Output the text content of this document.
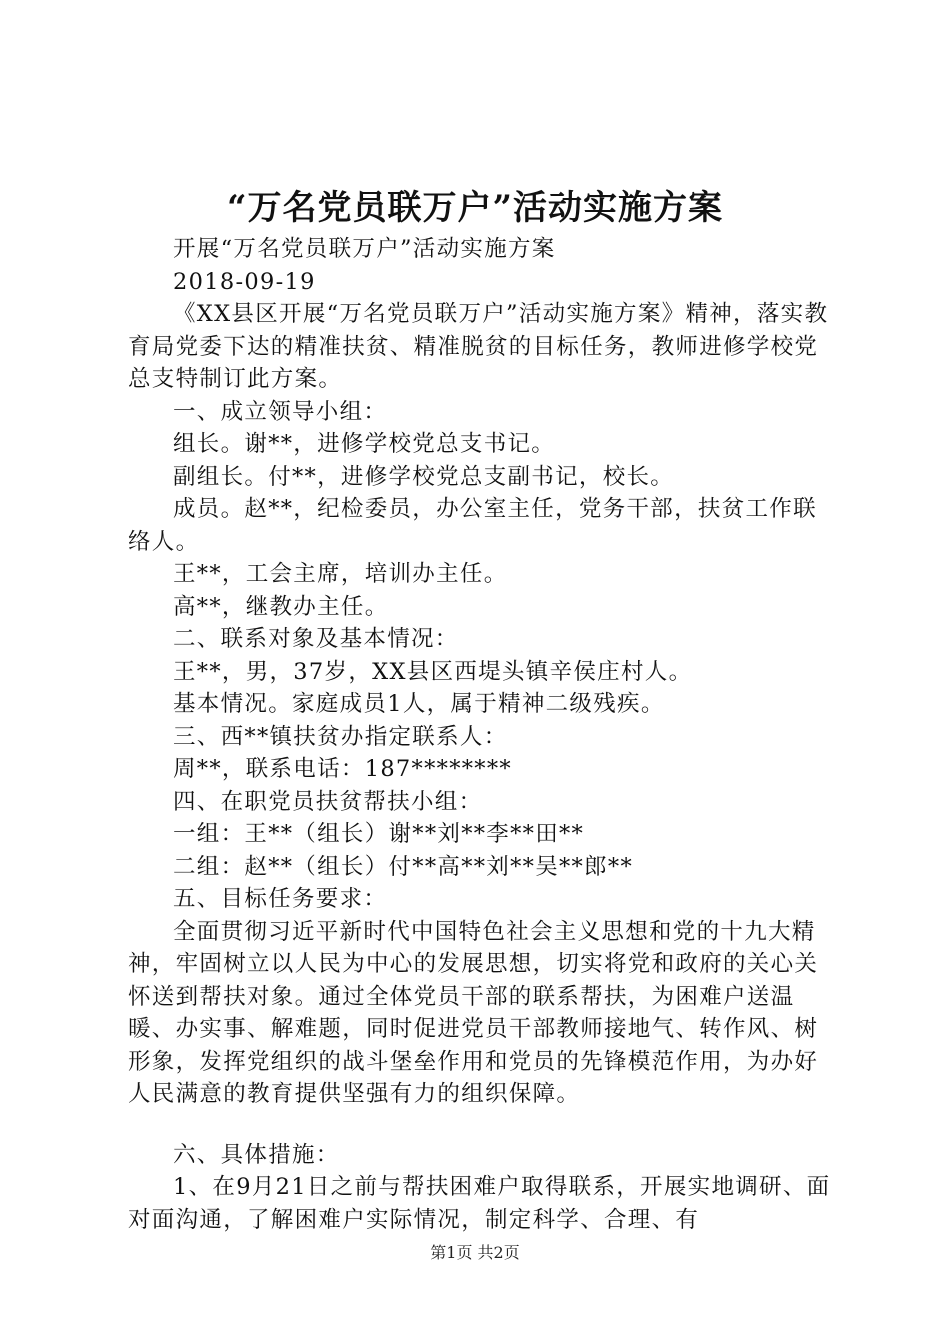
“万名党员联万户”活动实施方案

开展“万名党员联万户”活动实施方案

2018-09-19

《XX县区开展“万名党员联万户”活动实施方案》精神，落实教育局党委下达的精准扶贫、精准脱贫的目标任务，教师进修学校党总支特制订此方案。

一、成立领导小组：

组长。谢**，进修学校党总支书记。

副组长。付**，进修学校党总支副书记，校长。

成员。赵**，纪检委员，办公室主任，党务干部，扶贫工作联络人。

王**，工会主席，培训办主任。

高**，继教办主任。

二、联系对象及基本情况：

王**，男，37岁，XX县区西堤头镇辛侯庄村人。

基本情况。家庭成员1人，属于精神二级残疾。

三、西**镇扶贫办指定联系人：

周**，联系电话：187********

四、在职党员扶贫帮扶小组：

一组：王**（组长）谢**刘**李**田**

二组：赵**（组长）付**高**刘**吴**郎**

五、目标任务要求：

全面贯彻习近平新时代中国特色社会主义思想和党的十九大精神，牢固树立以人民为中心的发展思想，切实将党和政府的关心关怀送到帮扶对象。通过全体党员干部的联系帮扶，为困难户送温暖、办实事、解难题，同时促进党员干部教师接地气、转作风、树形象，发挥党组织的战斗堡垒作用和党员的先锋模范作用，为办好人民满意的教育提供坚强有力的组织保障。

六、具体措施：

1、在9月21日之前与帮扶困难户取得联系，开展实地调研、面对面沟通，了解困难户实际情况，制定科学、合理、有

第1页 共2页
